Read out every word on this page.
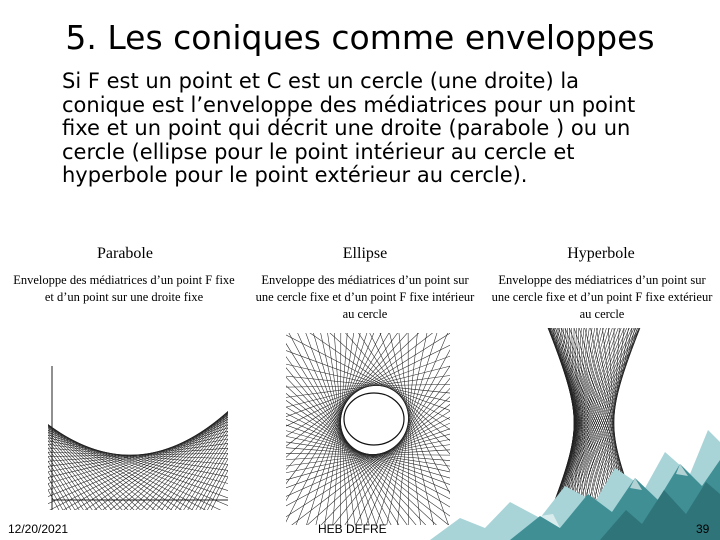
5. Les coniques comme enveloppes
Si F est un point et C est un cercle (une droite) la conique est l’enveloppe des médiatrices pour un point fixe et un point qui décrit une droite (parabole ) ou un cercle (ellipse pour le point intérieur au cercle et hyperbole pour le point extérieur au cercle).
Parabole	Ellipse	Hyperbole
Enveloppe des médiatrices d’un point F fixe et d’un point sur une droite fixe
Enveloppe des médiatrices d’un point sur une cercle fixe et d’un point F fixe intérieur au cercle
Enveloppe des médiatrices d’un point sur une cercle fixe et d’un point F fixe extérieur au cercle
12/20/2021	HEB DEFRE	39
